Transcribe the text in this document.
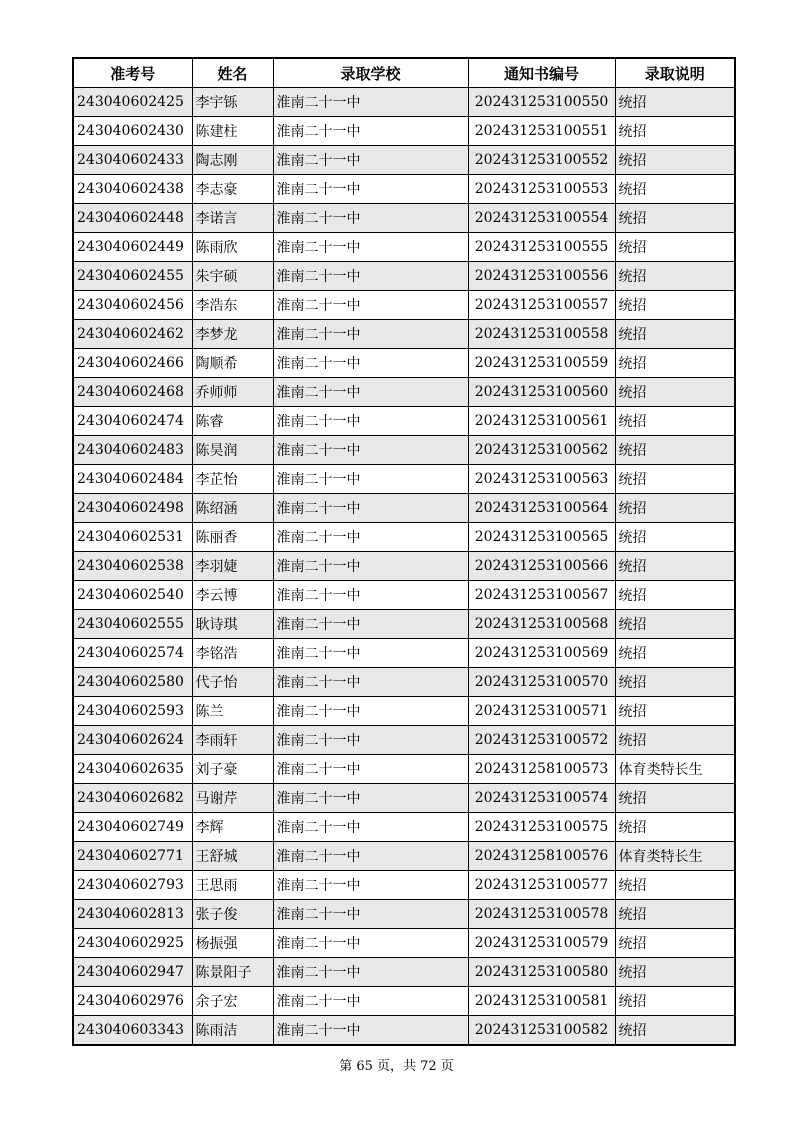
准考号	姓名	录取学校	通知书编号	录取说明
243040602425	李宇铄	淮南二十一中	202431253100550	统招
243040602430	陈建柱	淮南二十一中	202431253100551	统招
243040602433	陶志刚	淮南二十一中	202431253100552	统招
243040602438	李志豪	淮南二十一中	202431253100553	统招
243040602448	李诺言	淮南二十一中	202431253100554	统招
243040602449	陈雨欣	淮南二十一中	202431253100555	统招
243040602455	朱宇硕	淮南二十一中	202431253100556	统招
243040602456	李浩东	淮南二十一中	202431253100557	统招
243040602462	李梦龙	淮南二十一中	202431253100558	统招
243040602466	陶顺希	淮南二十一中	202431253100559	统招
243040602468	乔师师	淮南二十一中	202431253100560	统招
243040602474	陈睿	淮南二十一中	202431253100561	统招
243040602483	陈昊润	淮南二十一中	202431253100562	统招
243040602484	李芷怡	淮南二十一中	202431253100563	统招
243040602498	陈绍涵	淮南二十一中	202431253100564	统招
243040602531	陈丽香	淮南二十一中	202431253100565	统招
243040602538	李羽婕	淮南二十一中	202431253100566	统招
243040602540	李云博	淮南二十一中	202431253100567	统招
243040602555	耿诗琪	淮南二十一中	202431253100568	统招
243040602574	李铭浩	淮南二十一中	202431253100569	统招
243040602580	代子怡	淮南二十一中	202431253100570	统招
243040602593	陈兰	淮南二十一中	202431253100571	统招
243040602624	李雨轩	淮南二十一中	202431253100572	统招
243040602635	刘子豪	淮南二十一中	202431258100573	体育类特长生
243040602682	马谢芹	淮南二十一中	202431253100574	统招
243040602749	李辉	淮南二十一中	202431253100575	统招
243040602771	王舒城	淮南二十一中	202431258100576	体育类特长生
243040602793	王思雨	淮南二十一中	202431253100577	统招
243040602813	张子俊	淮南二十一中	202431253100578	统招
243040602925	杨振强	淮南二十一中	202431253100579	统招
243040602947	陈景阳子	淮南二十一中	202431253100580	统招
243040602976	余子宏	淮南二十一中	202431253100581	统招
243040603343	陈雨洁	淮南二十一中	202431253100582	统招
第 65 页，共 72 页
